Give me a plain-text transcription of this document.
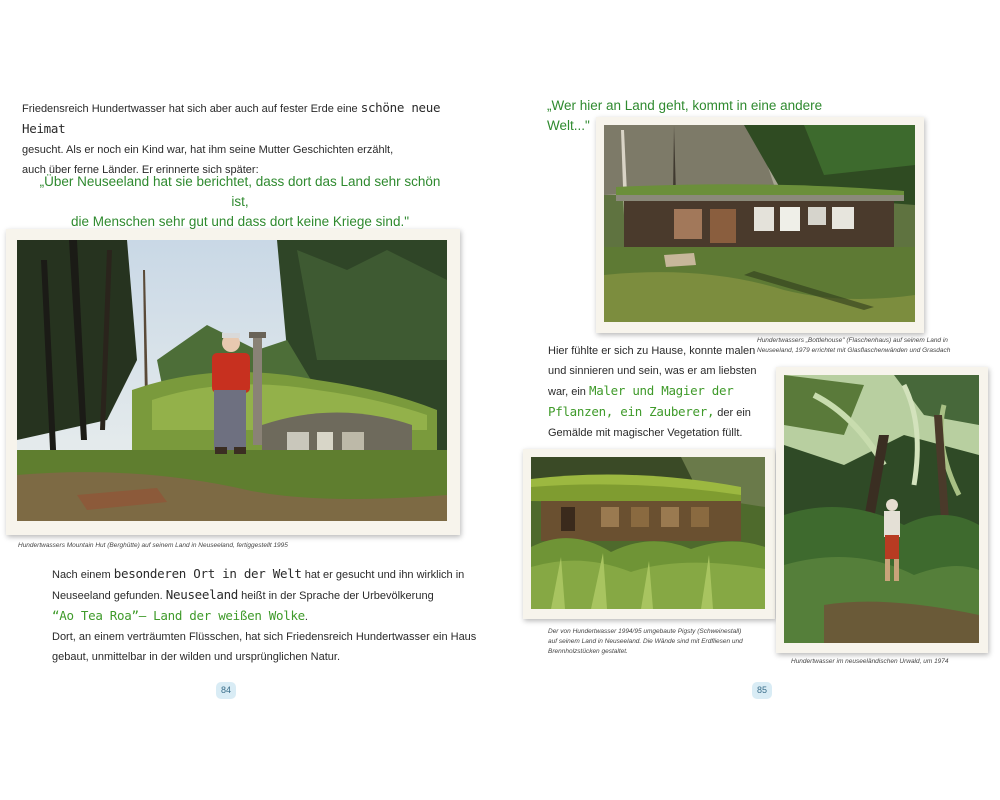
Friedensreich Hundertwasser hat sich aber auch auf fester Erde eine schöne neue Heimat

gesucht. Als er noch ein Kind war, hat ihm seine Mutter Geschichten erzählt,

auch über ferne Länder. Er erinnerte sich später:

„Über Neuseeland hat sie berichtet, dass dort das Land sehr schön ist,

die Menschen sehr gut und dass dort keine Kriege sind."

Hundertwassers Mountain Hut (Berghütte) auf seinem Land in Neuseeland, fertiggestellt 1995

Nach einem besonderen Ort in der Welt hat er gesucht und ihn wirklich in

Neuseeland gefunden. Neuseeland heißt in der Sprache der Urbevölkerung

“Ao Tea Roa”– Land der weißen Wolke.

Dort, an einem verträumten Flüsschen, hat sich Friedensreich Hundertwasser ein Haus

gebaut, unmittelbar in der wilden und ursprünglichen Natur.

84
„Wer hier an Land geht, kommt in eine andere Welt..."

Hundertwassers „Bottlehouse" (Flaschenhaus) auf seinem Land in

Neuseeland, 1979 errichtet mit Glasflaschenwänden und Grasdach

Hier fühlte er sich zu Hause, konnte malen

und sinnieren und sein, was er am liebsten

war, ein Maler und Magier der

Pflanzen, ein Zauberer, der ein

Gemälde mit magischer Vegetation füllt.

Der von Hundertwasser 1994/95 umgebaute Pigsty (Schweinestall)

auf seinem Land in Neuseeland. Die Wände sind mit Erdfliesen und

Brennholzstücken gestaltet.

Hundertwasser im neuseeländischen Urwald, um 1974
85
